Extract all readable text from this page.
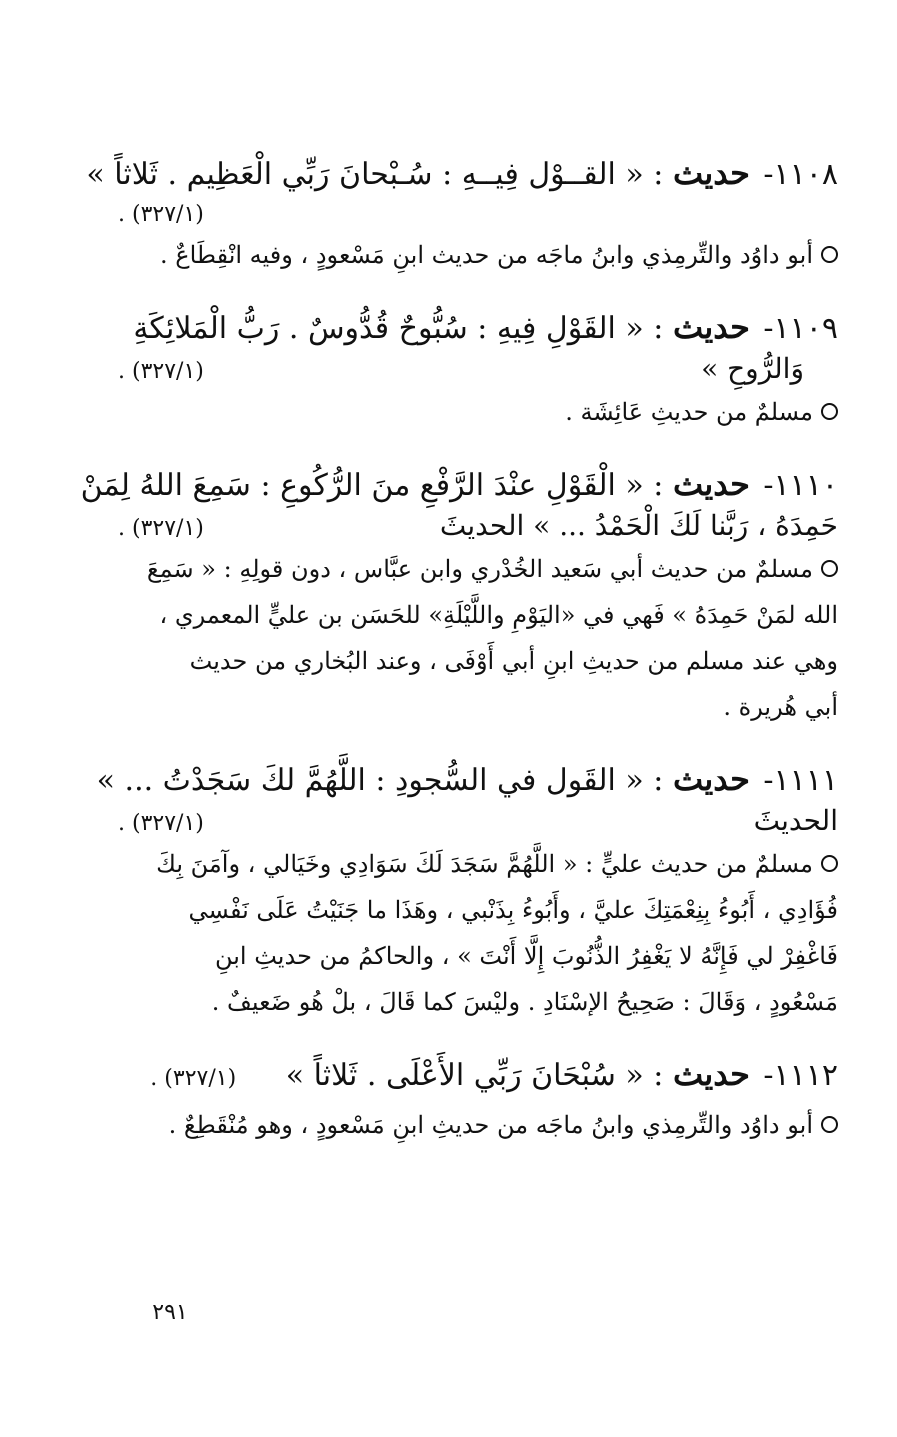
١١٠٨- حديث : « القــوْل فِيــهِ : سُـبْحانَ رَبِّي الْعَظِيم . ثَلاثاً »
(٣٢٧/١) .
أبو داوُد والتِّرمِذي وابنُ ماجَه من حديث ابنِ مَسْعودٍ ، وفيه انْقِطَاعٌ .
١١٠٩- حديث : « القَوْلِ فِيهِ : سُبُّوحٌ قُدُّوسٌ . رَبُّ الْمَلائِكَةِ
(٣٢٧/١) .	وَالرُّوحِ »
مسلمٌ من حديثِ عَائِشَة .
١١١٠- حديث : « الْقَوْلِ عنْدَ الرَّفْعِ منَ الرُّكُوعِ : سَمِعَ اللهُ لِمَنْ
(٣٢٧/١) .	حَمِدَهُ ، رَبَّنا لَكَ الْحَمْدُ ... » الحديثَ
مسلمٌ من حديث أبي سَعيد الخُدْري وابن عبَّاس ، دون قولِهِ : « سَمِعَ
الله لمَنْ حَمِدَهُ » فَهي في «اليَوْمِ واللَّيْلَةِ» للحَسَن بن عليٍّ المعمري ،
وهي عند مسلم من حديثِ ابنِ أبي أَوْفَى ، وعند البُخاري من حديث
أبي هُريرة .
١١١١- حديث : « القَول في السُّجودِ : اللَّهُمَّ لكَ سَجَدْتُ ... »
(٣٢٧/١) .	الحديثَ
مسلمٌ من حديث عليٍّ : « اللَّهُمَّ سَجَدَ لَكَ سَوَادِي وخَيَالي ، وآمَنَ بِكَ
فُؤَادِي ، أَبُوءُ بِنِعْمَتِكَ عليَّ ، وأَبُوءُ بِذَنْبي ، وهَذَا ما جَنَيْتُ عَلَى نَفْسِي
فَاغْفِرْ لي فَإِنَّهُ لا يَغْفِرُ الذُّنُوبَ إِلَّا أَنْتَ » ، والحاكمُ من حديثِ ابنِ
مَسْعُودٍ ، وَقَالَ : صَحِيحُ الإسْنَادِ . وليْسَ كما قَالَ ، بلْ هُو ضَعيفٌ .
١١١٢- حديث : « سُبْحَانَ رَبِّي الأَعْلَى . ثَلاثاً » (٣٢٧/١) .
أبو داوُد والتِّرمِذي وابنُ ماجَه من حديثِ ابنِ مَسْعودٍ ، وهو مُنْقَطِعٌ .
٢٩١
